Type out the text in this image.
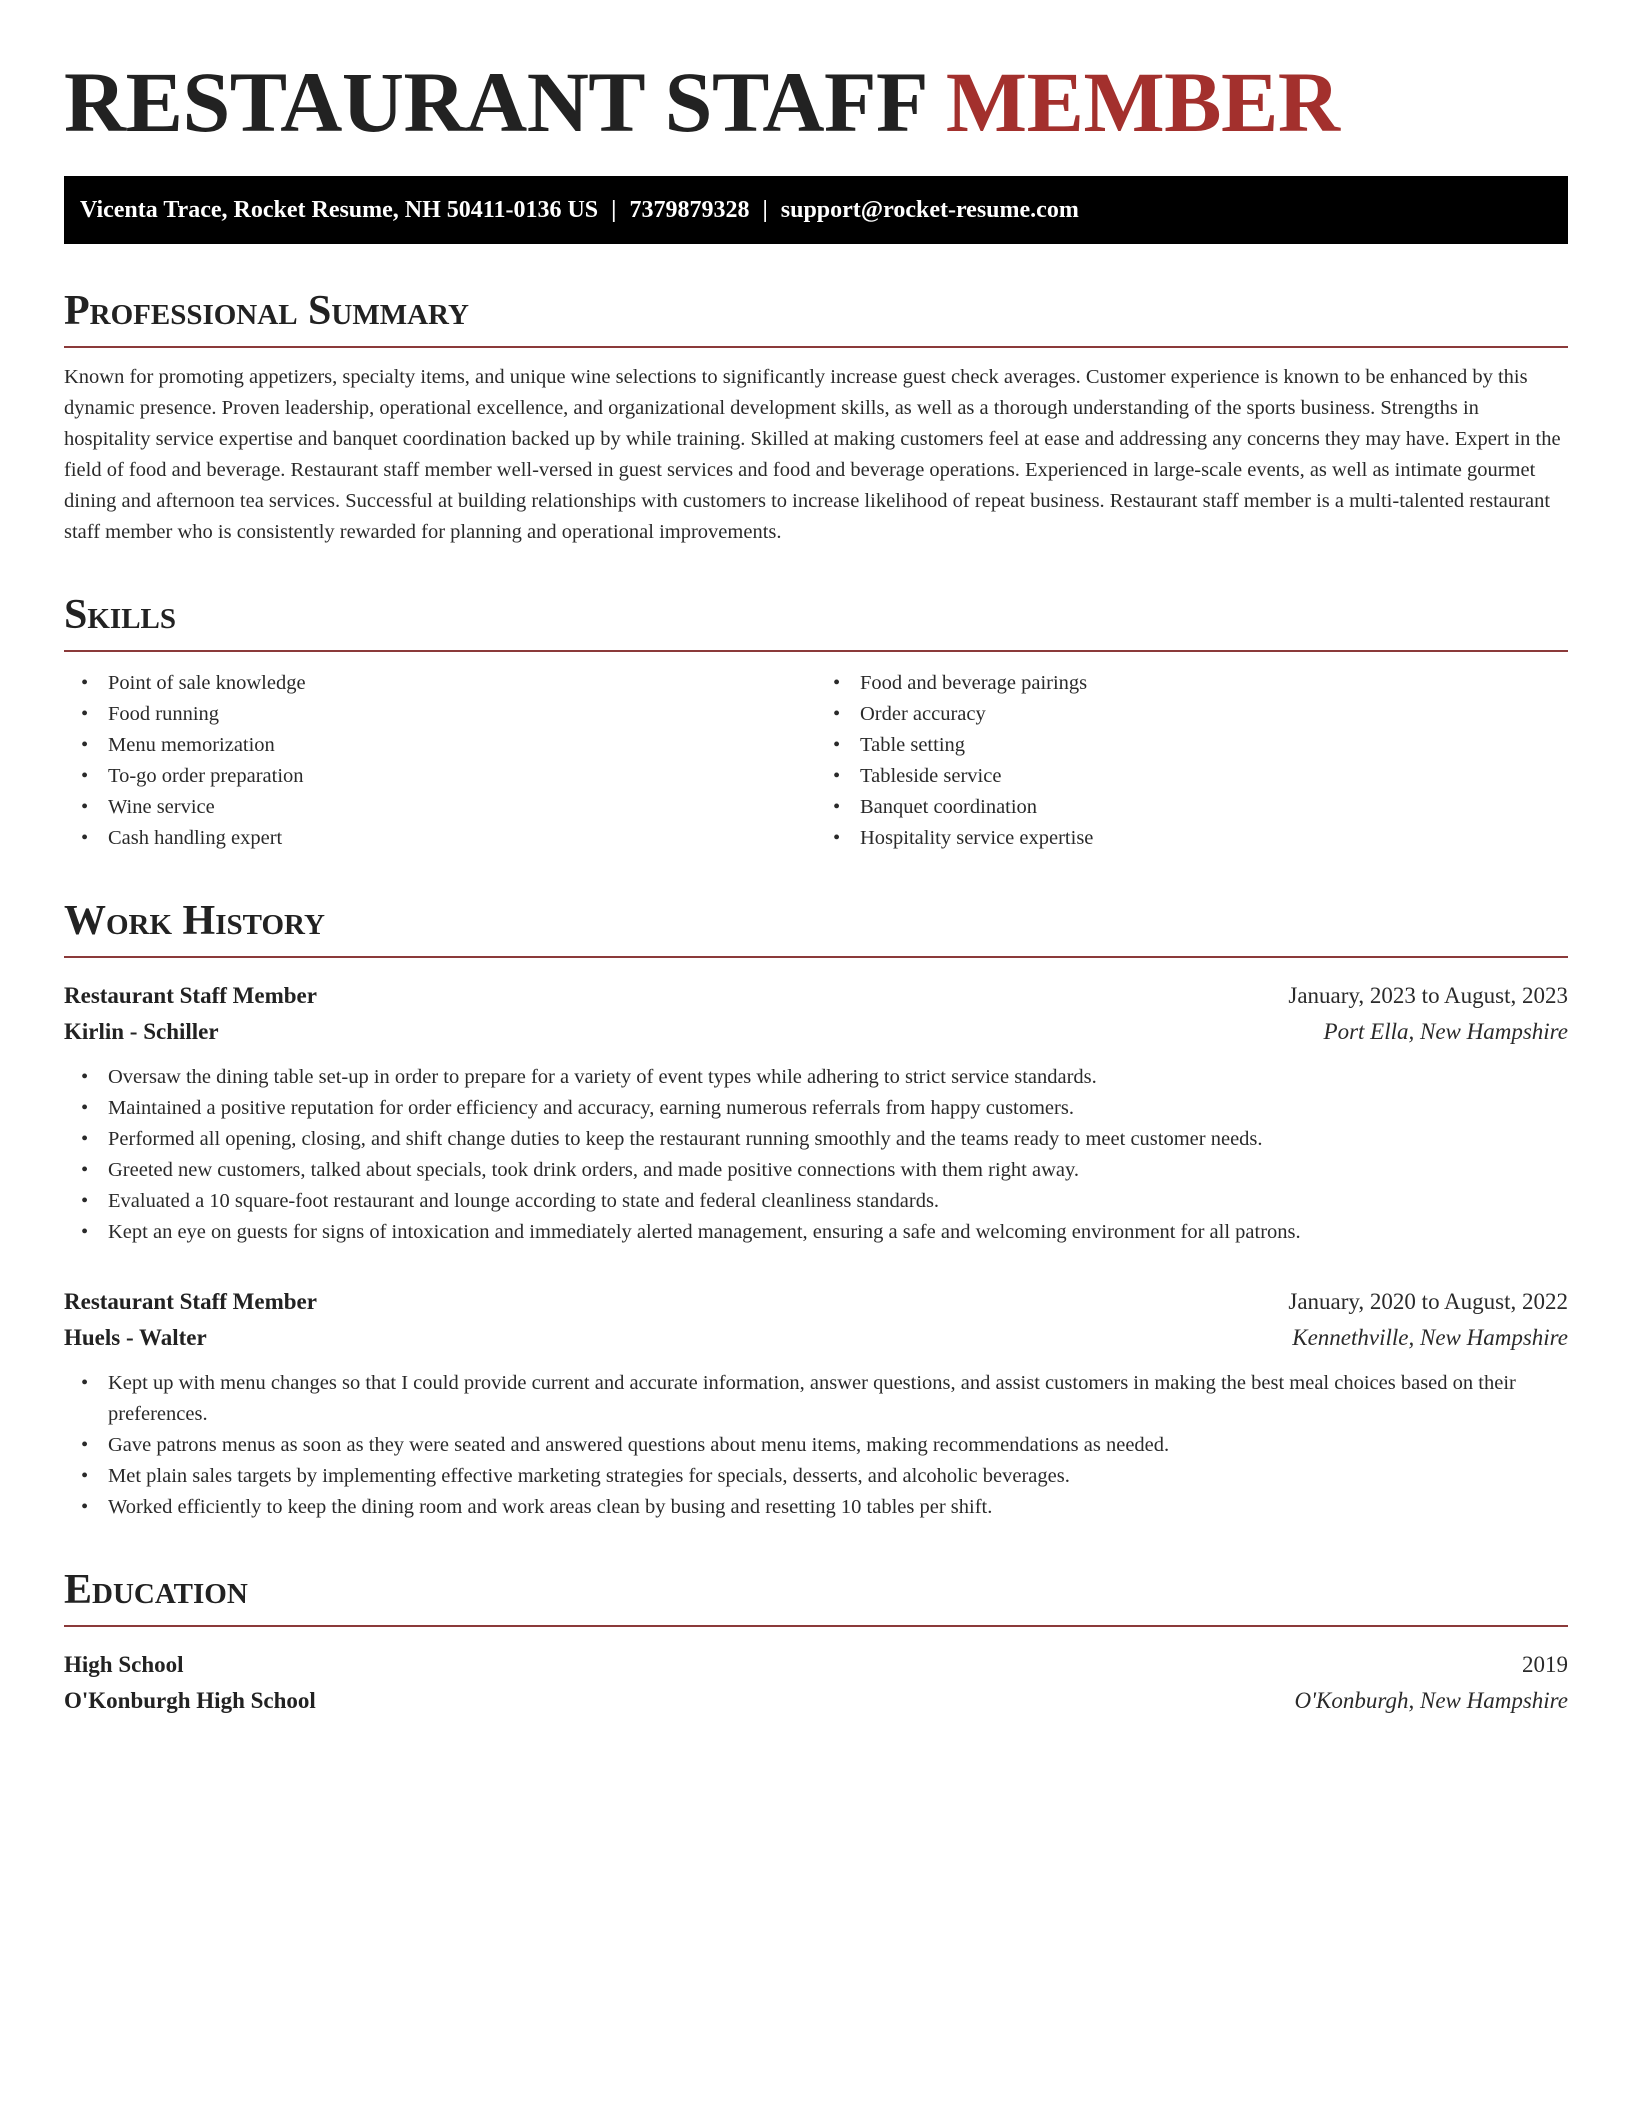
RESTAURANT STAFF MEMBER
Vicenta Trace, Rocket Resume, NH 50411-0136 US | 7379879328 | support@rocket-resume.com
Professional Summary

Known for promoting appetizers, specialty items, and unique wine selections to significantly increase guest check averages. Customer experience is known to be enhanced by this dynamic presence. Proven leadership, operational excellence, and organizational development skills, as well as a thorough understanding of the sports business. Strengths in hospitality service expertise and banquet coordination backed up by while training. Skilled at making customers feel at ease and addressing any concerns they may have. Expert in the field of food and beverage. Restaurant staff member well-versed in guest services and food and beverage operations. Experienced in large-scale events, as well as intimate gourmet dining and afternoon tea services. Successful at building relationships with customers to increase likelihood of repeat business. Restaurant staff member is a multi-talented restaurant staff member who is consistently rewarded for planning and operational improvements.

Skills
• Point of sale knowledge
• Food running
• Menu memorization
• To-go order preparation
• Wine service
• Cash handling expert
• Food and beverage pairings
• Order accuracy
• Table setting
• Tableside service
• Banquet coordination
• Hospitality service expertise
Work History
Restaurant Staff Member	January, 2023 to August, 2023
Kirlin - Schiller	Port Ella, New Hampshire
• Oversaw the dining table set-up in order to prepare for a variety of event types while adhering to strict service standards.
• Maintained a positive reputation for order efficiency and accuracy, earning numerous referrals from happy customers.
• Performed all opening, closing, and shift change duties to keep the restaurant running smoothly and the teams ready to meet customer needs.
• Greeted new customers, talked about specials, took drink orders, and made positive connections with them right away.
• Evaluated a 10 square-foot restaurant and lounge according to state and federal cleanliness standards.
• Kept an eye on guests for signs of intoxication and immediately alerted management, ensuring a safe and welcoming environment for all patrons.
Restaurant Staff Member	January, 2020 to August, 2022
Huels - Walter	Kennethville, New Hampshire
• Kept up with menu changes so that I could provide current and accurate information, answer questions, and assist customers in making the best meal choices based on their preferences.
• Gave patrons menus as soon as they were seated and answered questions about menu items, making recommendations as needed.
• Met plain sales targets by implementing effective marketing strategies for specials, desserts, and alcoholic beverages.
• Worked efficiently to keep the dining room and work areas clean by busing and resetting 10 tables per shift.
Education
High School	2019
O'Konburgh High School	O'Konburgh, New Hampshire
